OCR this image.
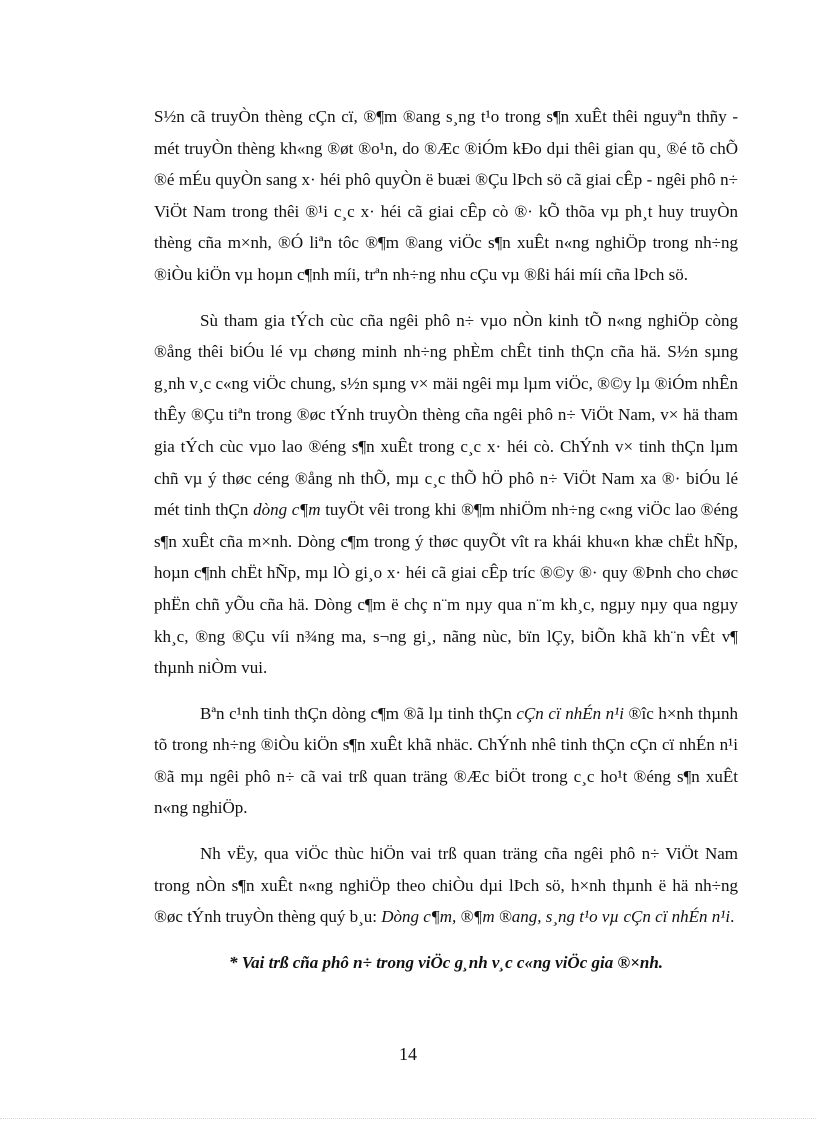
S½n cã truyÒn thèng cÇn cï, ®¶m ®ang s¸ng t¹o trong s¶n xuÊt thêi nguyªn thñy - mét truyÒn thèng kh«ng ®øt ®o¹n, do ®Æc ®iÓm kÐo dµi thêi gian qu¸ ®é tõ chÕ ®é mÉu quyÒn sang x· héi phô quyÒn ë buæi ®Çu lÞch sö cã giai cÊp - ngêi phô n÷ ViÖt Nam trong thêi ®¹i c¸c x· héi cã giai cÊp cò ®· kÕ thõa vµ ph¸t huy truyÒn thèng cña m×nh, ®Ó liªn tôc ®¶m ®ang viÖc s¶n xuÊt n«ng nghiÖp trong nh÷ng ®iÒu kiÖn vµ hoµn c¶nh míi, trªn nh÷ng nhu cÇu vµ ®ßi hái míi cña lÞch sö.

Sù tham gia tÝch cùc cña ngêi phô n÷ vµo nÒn kinh tÕ n«ng nghiÖp còng ®ång thêi biÓu lé vµ chøng minh nh÷ng phÈm chÊt tinh thÇn cña hä. S½n sµng g¸nh v¸c c«ng viÖc chung, s½n sµng v× mäi ngêi mµ lµm viÖc, ®©y lµ ®iÓm nhÊn thÊy ®Çu tiªn trong ®øc tÝnh truyÒn thèng cña ngêi phô n÷ ViÖt Nam, v× hä tham gia tÝch cùc vµo lao ®éng s¶n xuÊt trong c¸c x· héi cò. ChÝnh v× tinh thÇn lµm chñ vµ ý thøc céng ®ång nh thÕ, mµ c¸c thÕ hÖ phô n÷ ViÖt Nam xa ®· biÓu lé mét tinh thÇn dòng c¶m tuyÖt vêi trong khi ®¶m nhiÖm nh÷ng c«ng viÖc lao ®éng s¶n xuÊt cña m×nh. Dòng c¶m trong ý thøc quyÕt vît ra khái khu«n khæ chËt hÑp, hoµn c¶nh chËt hÑp, mµ lÒ gi¸o x· héi cã giai cÊp tríc ®©y ®· quy ®Þnh cho chøc phËn chñ yÕu cña hä. Dòng c¶m ë chç n¨m nµy qua n¨m kh¸c, ngµy nµy qua ngµy kh¸c, ®ng ®Çu víi n¾ng ma, s¬ng gi¸, nãng nùc, bïn lÇy, biÕn khã kh¨n vÊt v¶ thµnh niÒm vui.

Bªn c¹nh tinh thÇn dòng c¶m ®ã lµ tinh thÇn cÇn cï nhÉn n¹i ®îc h×nh thµnh tõ trong nh÷ng ®iÒu kiÖn s¶n xuÊt khã nhäc. ChÝnh nhê tinh thÇn cÇn cï nhÉn n¹i ®ã mµ ngêi phô n÷ cã vai trß quan träng ®Æc biÖt trong c¸c ho¹t ®éng s¶n xuÊt n«ng nghiÖp.

Nh vËy, qua viÖc thùc hiÖn vai trß quan träng cña ngêi phô n÷ ViÖt Nam trong nÒn s¶n xuÊt n«ng nghiÖp theo chiÒu dµi lÞch sö, h×nh thµnh ë hä nh÷ng ®øc tÝnh truyÒn thèng quý b¸u: Dòng c¶m, ®¶m ®ang, s¸ng t¹o vµ cÇn cï nhÉn n¹i.

* Vai trß cña phô n÷ trong viÖc g¸nh v¸c c«ng viÖc gia ®×nh.

14
